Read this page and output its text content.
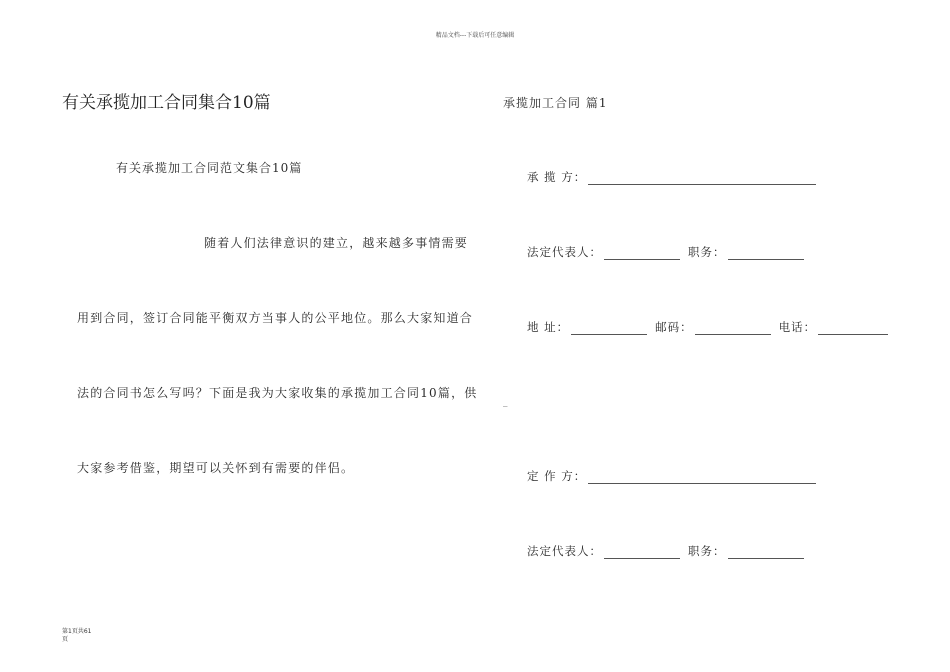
精品文档---下载后可任意编辑
有关承揽加工合同集合10篇
有关承揽加工合同范文集合10篇
随着人们法律意识的建立，越来越多事情需要
用到合同，签订合同能平衡双方当事人的公平地位。那么大家知道合
法的合同书怎么写吗？下面是我为大家收集的承揽加工合同10篇，供
大家参考借鉴，期望可以关怀到有需要的伴侣。
承揽加工合同 篇1
承 揽 方：
法定代表人：	职务：
地 址：	邮码：	电话：
_
定 作 方：
法定代表人：	职务：
第1页共61
页
